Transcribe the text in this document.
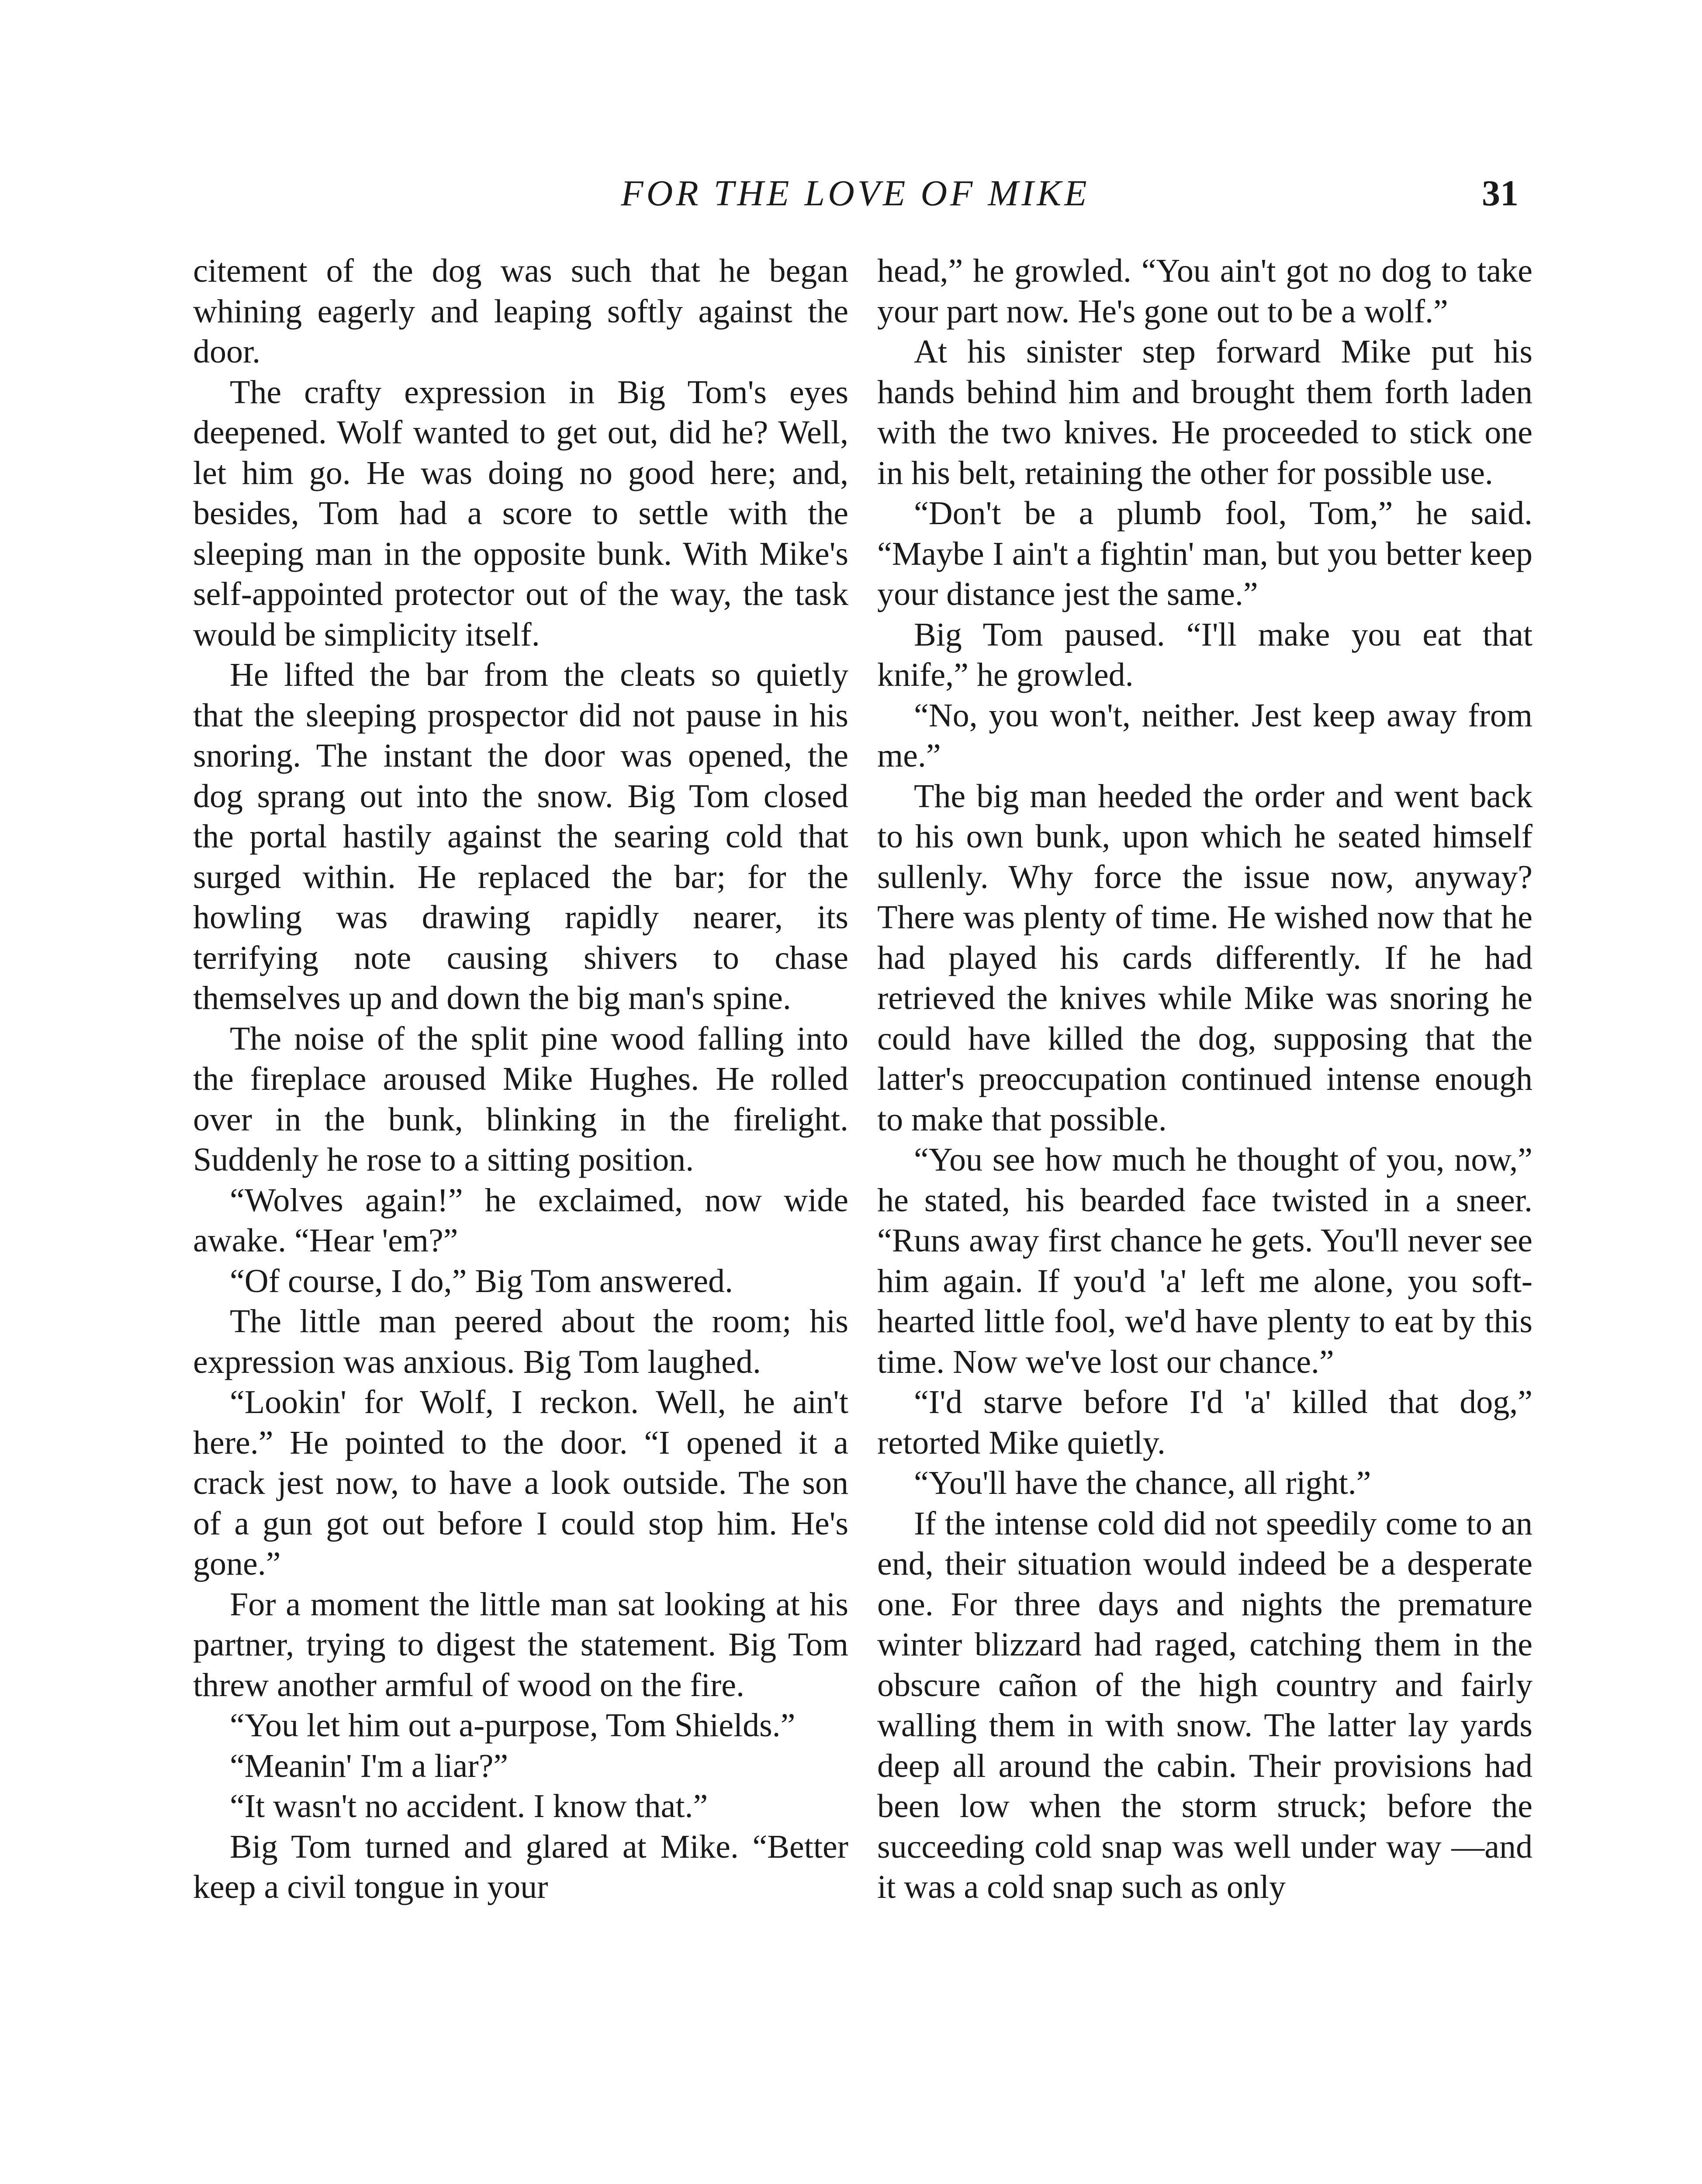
FOR THE LOVE OF MIKE	31

citement of the dog was such that he began whining eagerly and leaping softly against the door.

The crafty expression in Big Tom's eyes deepened. Wolf wanted to get out, did he? Well, let him go. He was doing no good here; and, besides, Tom had a score to settle with the sleeping man in the opposite bunk. With Mike's self-appointed protector out of the way, the task would be simplicity itself.

He lifted the bar from the cleats so quietly that the sleeping prospector did not pause in his snoring. The instant the door was opened, the dog sprang out into the snow. Big Tom closed the portal hastily against the searing cold that surged within. He replaced the bar; for the howling was drawing rapidly nearer, its terrifying note causing shivers to chase themselves up and down the big man's spine.

The noise of the split pine wood falling into the fireplace aroused Mike Hughes. He rolled over in the bunk, blinking in the firelight. Suddenly he rose to a sitting position.

“Wolves again!” he exclaimed, now wide awake. “Hear 'em?”

“Of course, I do,” Big Tom answered.

The little man peered about the room; his expression was anxious. Big Tom laughed.

“Lookin' for Wolf, I reckon. Well, he ain't here.” He pointed to the door. “I opened it a crack jest now, to have a look outside. The son of a gun got out before I could stop him. He's gone.”

For a moment the little man sat looking at his partner, trying to digest the statement. Big Tom threw another armful of wood on the fire.

“You let him out a-purpose, Tom Shields.”

“Meanin' I'm a liar?”

“It wasn't no accident. I know that.”

Big Tom turned and glared at Mike. “Better keep a civil tongue in your

head,” he growled. “You ain't got no dog to take your part now. He's gone out to be a wolf.”

At his sinister step forward Mike put his hands behind him and brought them forth laden with the two knives. He proceeded to stick one in his belt, retaining the other for possible use.

“Don't be a plumb fool, Tom,” he said. “Maybe I ain't a fightin' man, but you better keep your distance jest the same.”

Big Tom paused. “I'll make you eat that knife,” he growled.

“No, you won't, neither. Jest keep away from me.”

The big man heeded the order and went back to his own bunk, upon which he seated himself sullenly. Why force the issue now, anyway? There was plenty of time. He wished now that he had played his cards differently. If he had retrieved the knives while Mike was snoring he could have killed the dog, supposing that the latter's preoccupation continued intense enough to make that possible.

“You see how much he thought of you, now,” he stated, his bearded face twisted in a sneer. “Runs away first chance he gets. You'll never see him again. If you'd 'a' left me alone, you soft-hearted little fool, we'd have plenty to eat by this time. Now we've lost our chance.”

“I'd starve before I'd 'a' killed that dog,” retorted Mike quietly.

“You'll have the chance, all right.”

If the intense cold did not speedily come to an end, their situation would indeed be a desperate one. For three days and nights the premature winter blizzard had raged, catching them in the obscure cañon of the high country and fairly walling them in with snow. The latter lay yards deep all around the cabin. Their provisions had been low when the storm struck; before the succeeding cold snap was well under way —and it was a cold snap such as only
